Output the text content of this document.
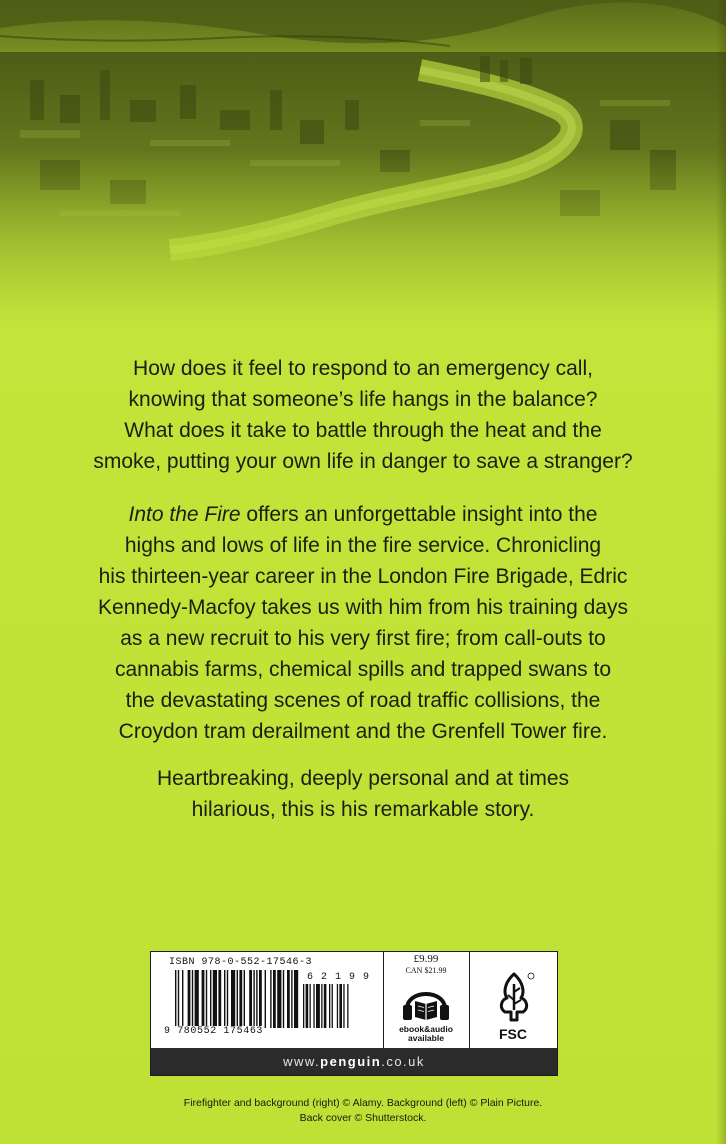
How does it feel to respond to an emergency call,

knowing that someone’s life hangs in the balance?

What does it take to battle through the heat and the

smoke, putting your own life in danger to save a stranger?

Into the Fire offers an unforgettable insight into the

highs and lows of life in the fire service. Chronicling

his thirteen-year career in the London Fire Brigade, Edric

Kennedy-Macfoy takes us with him from his training days

as a new recruit to his very first fire; from call-outs to

cannabis farms, chemical spills and trapped swans to

the devastating scenes of road traffic collisions, the

Croydon tram derailment and the Grenfell Tower fire.

Heartbreaking, deeply personal and at times

hilarious, this is his remarkable story.

ISBN 978-0-552-17546-3
6 2 1 9 9
9 780552 175463
£9.99
CAN $21.99
ebook&audio
available	FSC
www.penguin.co.uk
Firefighter and background (right) © Alamy. Background (left) © Plain Picture.
Back cover © Shutterstock.
